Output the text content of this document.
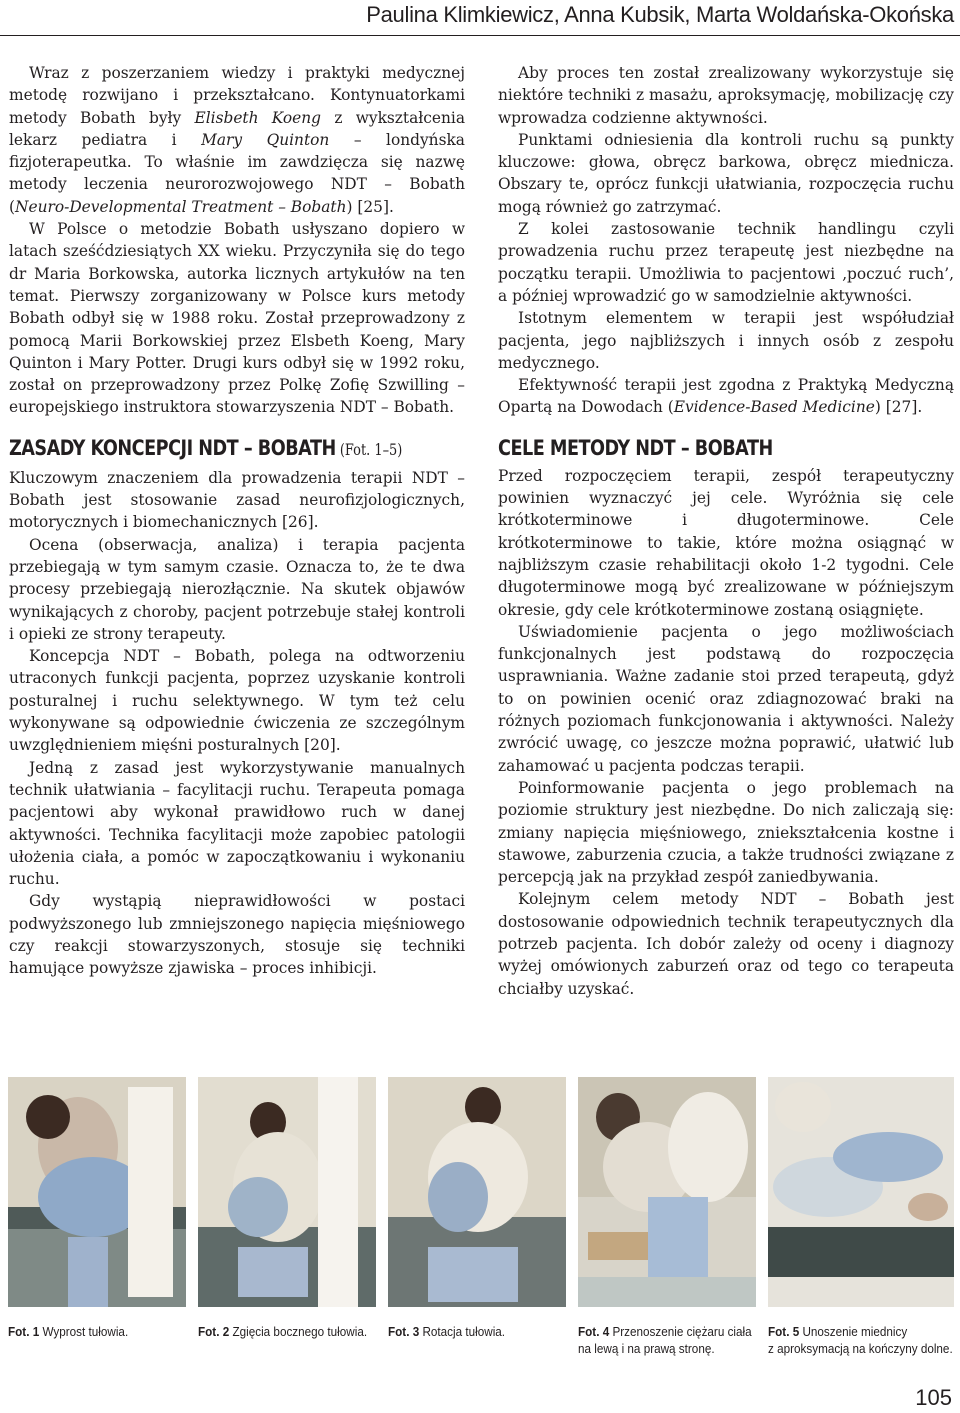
Paulina Klimkiewicz, Anna Kubsik, Marta Woldańska-Okońska

Wraz z poszerzaniem wiedzy i praktyki medycznej metodę rozwijano i przekształcano. Kontynuatorkami metody Bobath były Elisbeth Koeng z wykształcenia lekarz pediatra i Mary Quinton – londyńska fizjoterapeutka. To właśnie im zawdzięcza się nazwę metody leczenia neurorozwojowego NDT – Bobath (Neuro-Developmental Treatment – Bobath) [25].

W Polsce o metodzie Bobath usłyszano dopiero w latach sześćdziesiątych XX wieku. Przyczyniła się do tego dr Maria Borkowska, autorka licznych artykułów na ten temat. Pierwszy zorganizowany w Polsce kurs metody Bobath odbył się w 1988 roku. Został przeprowadzony z pomocą Marii Borkowskiej przez Elsbeth Koeng, Mary Quinton i Mary Potter. Drugi kurs odbył się w 1992 roku, został on przeprowadzony przez Polkę Zofię Szwilling – europejskiego instruktora stowarzyszenia NDT – Bobath.

ZASADY KONCEPCJI NDT – BOBATH (Fot. 1–5)

Kluczowym znaczeniem dla prowadzenia terapii NDT – Bobath jest stosowanie zasad neurofizjologicznych, motorycznych i biomechanicznych [26].

Ocena (obserwacja, analiza) i terapia pacjenta przebiegają w tym samym czasie. Oznacza to, że te dwa procesy przebiegają nierozłącznie. Na skutek objawów wynikających z choroby, pacjent potrzebuje stałej kontroli i opieki ze strony terapeuty.

Koncepcja NDT – Bobath, polega na odtworzeniu utraconych funkcji pacjenta, poprzez uzyskanie kontroli posturalnej i ruchu selektywnego. W tym też celu wykonywane są odpowiednie ćwiczenia ze szczególnym uwzględnieniem mięśni posturalnych [20].

Jedną z zasad jest wykorzystywanie manualnych technik ułatwiania – facylitacji ruchu. Terapeuta pomaga pacjentowi aby wykonał prawidłowo ruch w danej aktywności. Technika facylitacji może zapobiec patologii ułożenia ciała, a pomóc w zapoczątkowaniu i wykonaniu ruchu.

Gdy wystąpią nieprawidłowości w postaci podwyższonego lub zmniejszonego napięcia mięśniowego czy reakcji stowarzyszonych, stosuje się techniki hamujące powyższe zjawiska – proces inhibicji.

Aby proces ten został zrealizowany wykorzystuje się niektóre techniki z masażu, aproksymację, mobilizację czy wprowadza codzienne aktywności.

Punktami odniesienia dla kontroli ruchu są punkty kluczowe: głowa, obręcz barkowa, obręcz miednicza. Obszary te, oprócz funkcji ułatwiania, rozpoczęcia ruchu mogą również go zatrzymać.

Z kolei zastosowanie technik handlingu czyli prowadzenia ruchu przez terapeutę jest niezbędne na początku terapii. Umożliwia to pacjentowi ‚poczuć ruch’, a później wprowadzić go w samodzielnie aktywności.

Istotnym elementem w terapii jest współudział pacjenta, jego najbliższych i innych osób z zespołu medycznego.

Efektywność terapii jest zgodna z Praktyką Medyczną Opartą na Dowodach (Evidence-Based Medicine) [27].

CELE METODY NDT – BOBATH

Przed rozpoczęciem terapii, zespół terapeutyczny powinien wyznaczyć jej cele. Wyróżnia się cele krótkoterminowe i długoterminowe. Cele krótkoterminowe to takie, które można osiągnąć w najbliższym czasie rehabilitacji około 1-2 tygodni. Cele długoterminowe mogą być zrealizowane w późniejszym okresie, gdy cele krótkoterminowe zostaną osiągnięte.

Uświadomienie pacjenta o jego możliwościach funkcjonalnych jest podstawą do rozpoczęcia usprawniania. Ważne zadanie stoi przed terapeutą, gdyż to on powinien ocenić oraz zdiagnozować braki na różnych poziomach funkcjonowania i aktywności. Należy zwrócić uwagę, co jeszcze można poprawić, ułatwić lub zahamować u pacjenta podczas terapii.

Poinformowanie pacjenta o jego problemach na poziomie struktury jest niezbędne. Do nich zaliczają się: zmiany napięcia mięśniowego, zniekształcenia kostne i stawowe, zaburzenia czucia, a także trudności związane z percepcją jak na przykład zespół zaniedbywania.

Kolejnym celem metody NDT – Bobath jest dostosowanie odpowiednich technik terapeutycznych dla potrzeb pacjenta. Ich dobór zależy od oceny i diagnozy wyżej omówionych zaburzeń oraz od tego co terapeuta chciałby uzyskać.

Fot. 1 Wyprost tułowia.	Fot. 2 Zgięcia bocznego tułowia. Fot. 3 Rotacja tułowia.	Fot. 4 Przenoszenie ciężaru ciała
na lewą i na prawą stronę.
Fot. 5 Unoszenie miednicy
z aproksymacją na kończyny dolne.
105
